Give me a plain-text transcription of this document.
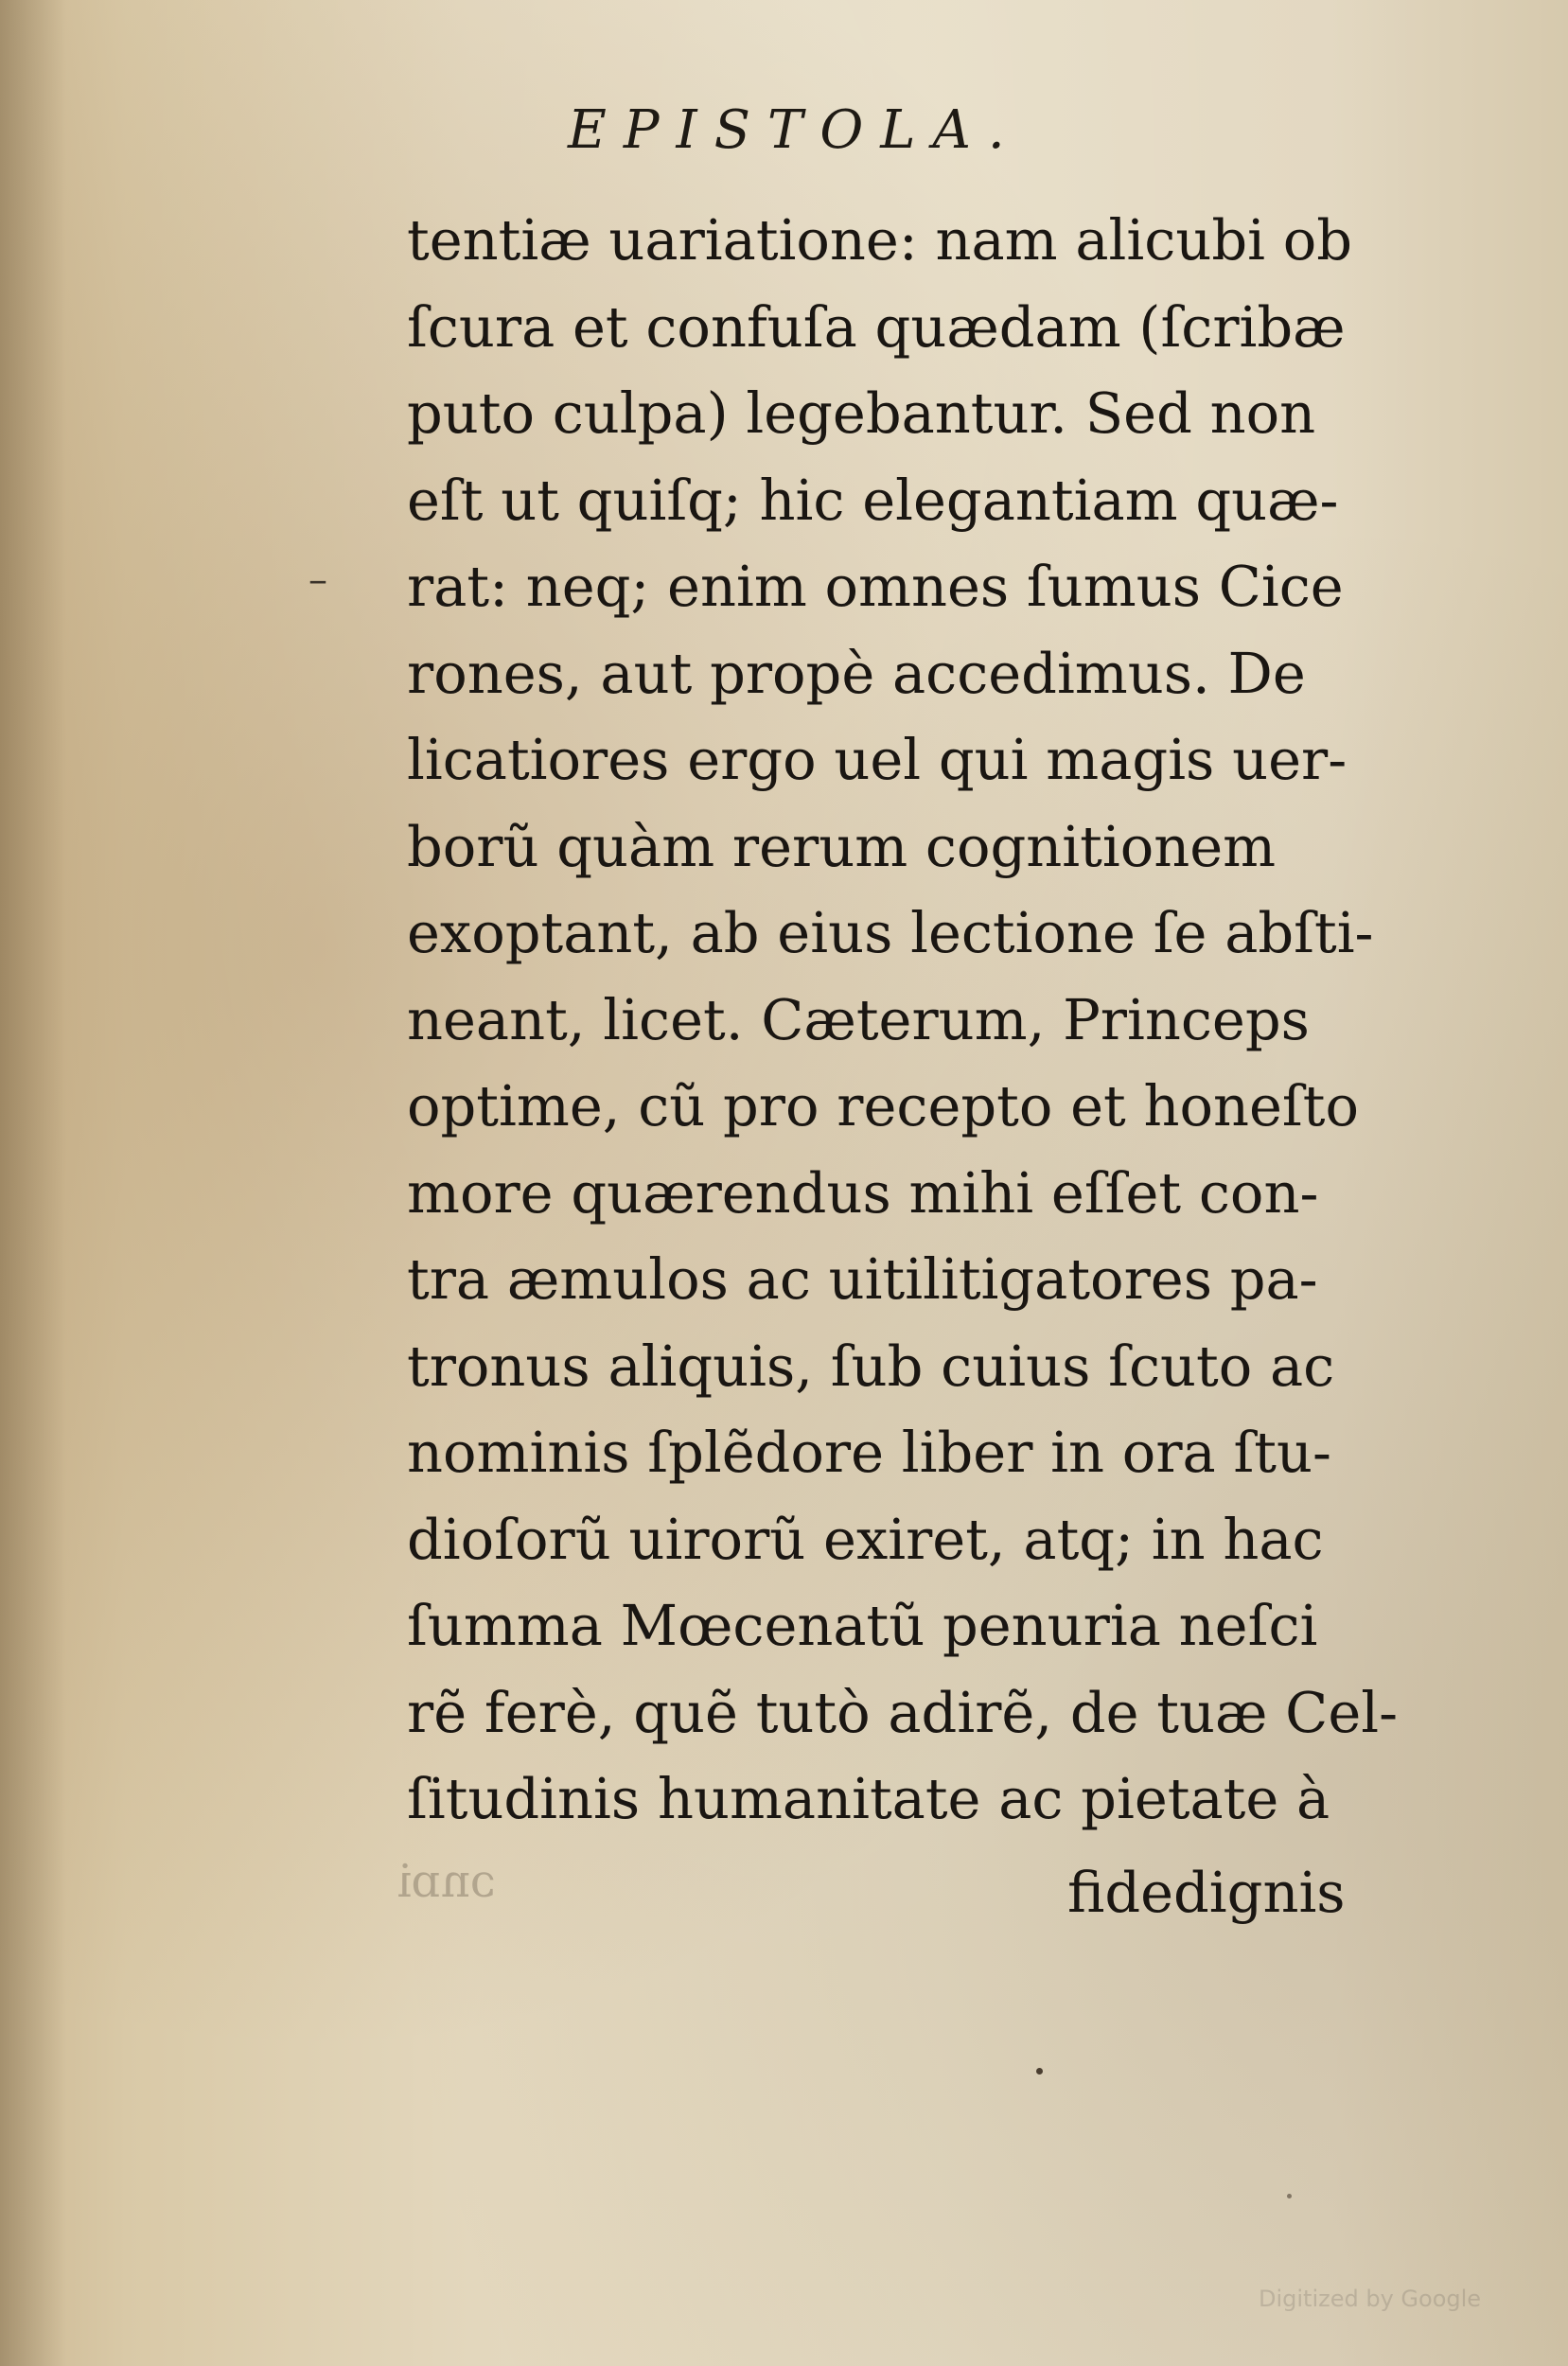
EPISTOLA.
–
tentiæ uariatione: nam alicubi ob
ſcura et confuſa quædam (ſcribæ
puto culpa) legebantur. Sed non
eſt ut quiſq; hic elegantiam quæ-
rat: neq; enim omnes ſumus Cice
rones, aut propè accedimus. De
licatiores ergo uel qui magis uer-
borũ quàm rerum cognitionem
exoptant, ab eius lectione ſe abſti-
neant, licet. Cæterum, Princeps
optime, cũ pro recepto et honeſto
more quærendus mihi eſſet con-
tra æmulos ac uitilitigatores pa-
tronus aliquis, ſub cuius ſcuto ac
nominis ſplẽdore liber in ora ſtu-
dioſorũ uirorũ exiret, atq; in hac
ſumma Mœcenatũ penuria neſci
rẽ ferè, quẽ tutò adirẽ, de tuæ Cel-
ſitudinis humanitate ac pietate à
ɔnɒi	fidedignis
Digitized by Google
